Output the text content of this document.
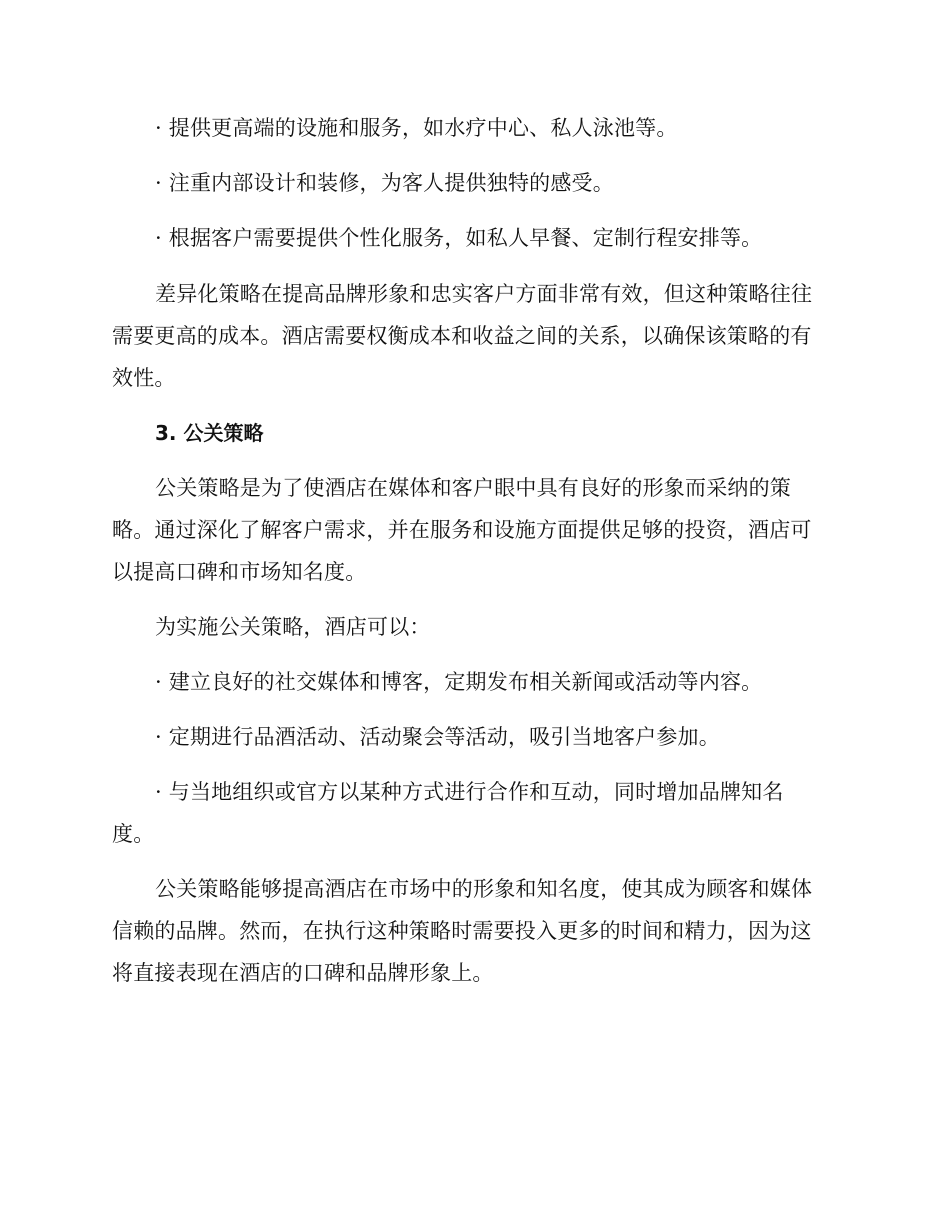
· 提供更高端的设施和服务，如水疗中心、私人泳池等。
· 注重内部设计和装修，为客人提供独特的感受。
· 根据客户需要提供个性化服务，如私人早餐、定制行程安排等。
差异化策略在提高品牌形象和忠实客户方面非常有效，但这种策略往往
需要更高的成本。酒店需要权衡成本和收益之间的关系，以确保该策略的有
效性。
3. 公关策略
公关策略是为了使酒店在媒体和客户眼中具有良好的形象而采纳的策
略。通过深化了解客户需求，并在服务和设施方面提供足够的投资，酒店可
以提高口碑和市场知名度。
为实施公关策略，酒店可以：
· 建立良好的社交媒体和博客，定期发布相关新闻或活动等内容。
· 定期进行品酒活动、活动聚会等活动，吸引当地客户参加。
· 与当地组织或官方以某种方式进行合作和互动，同时增加品牌知名
度。
公关策略能够提高酒店在市场中的形象和知名度，使其成为顾客和媒体
信赖的品牌。然而，在执行这种策略时需要投入更多的时间和精力，因为这
将直接表现在酒店的口碑和品牌形象上。
